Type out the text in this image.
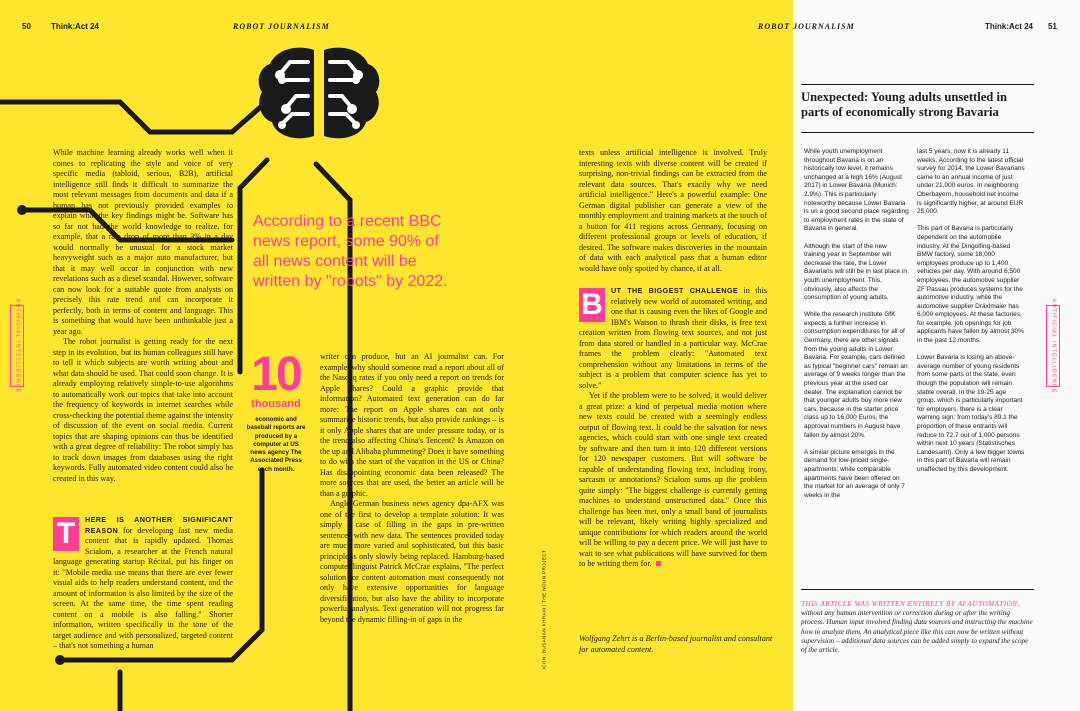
50	Think:Act 24	ROBOT JOURNALISM	ROBOT JOURNALISM	Think:Act 24 51
ARTIFICIAL INTELLIGENCE	ARTIFICIAL INTELLIGENCE

While machine learning already works well when it comes to replicating the style and voice of very specific media (tabloid, serious, B2B), artificial intelligence still finds it difficult to summarize the most relevant messages from documents and data if a human has not previously provided examples to explain what the key findings might be. Software has so far not had the world knowledge to realize, for example, that a rate drop of more than 3% in a day would normally be unusual for a stock market heavyweight such as a major auto manufacturer, but that it may well occur in conjunction with new revelations such as a diesel scandal. However, software can now look for a suitable quote from analysts on precisely this rate trend and can incorporate it perfectly, both in terms of content and language. This is something that would have been unthinkable just a year ago.

The robot journalist is getting ready for the next step in its evolution, but its human colleagues still have to tell it which subjects are worth writing about and what data should be used. That could soon change. It is already employing relatively simple-to-use algorithms to automatically work out topics that take into account the frequency of keywords in internet searches while cross-checking the potential theme against the intensity of discussion of the event on social media. Current topics that are shaping opinions can thus be identified with a great degree of reliability: The robot simply has to track down images from databases using the right keywords. Fully automated video content could also be created in this way.

T	HERE IS ANOTHER SIGNIFICANT REASON for developing fast new media content that is rapidly updated. Thomas Scialom, a researcher at the French natural language generating startup Récital, put his finger on it: "Mobile media use means that there are ever fewer visual aids to help readers understand content, and the amount of information is also limited by the size of the screen. At the same time, the time spent reading content on a mobile is also falling." Shorter information, written specifically in the tone of the target audience and with personalized, targeted content – that's not something a human

According to a recent BBC news report, some 90% of all news content will be written by "robots" by 2022.
10
thousand
economic and baseball reports are produced by a computer at US news agency The Associated Press each month.

writer can produce, but an AI journalist can. For example, why should someone read a report about all of the Nasdaq rates if you only need a report on trends for Apple shares? Could a graphic provide that information? Automated text generation can do far more: The report on Apple shares can not only summarize historic trends, but also provide rankings – is it only Apple shares that are under pressure today, or is the trend also affecting China's Tencent? Is Amazon on the up and Alibaba plummeting? Does it have something to do with the start of the vacation in the US or China? Has disappointing economic data been released? The more sources that are used, the better an article will be than a graphic.

Anglo-German business news agency dpa-AFX was one of the first to develop a template solution: It was simply a case of filling in the gaps in pre-written sentences with new data. The sentences provided today are much more varied and sophisticated, but this basic principle is only slowly being replaced. Hamburg-based computer linguist Patrick McCrae explains, "The perfect solution for content automation must consequently not only have extensive opportunities for language diversification, but also have the ability to incorporate powerful analysis. Text generation will not progress far beyond the dynamic filling-in of gaps in the	ICON: BUSANAN KHRAM / THE NOUN PROJECT

texts unless artificial intelligence is involved. Truly interesting texts with diverse content will be created if surprising, non-trivial findings can be extracted from the relevant data sources. That's exactly why we need artificial intelligence." Here's a powerful example: One German digital publisher can generate a view of the monthly employment and training markets at the touch of a button for 411 regions across Germany, focusing on different professional groups or levels of education, if desired. The software makes discoveries in the mountain of data with each analytical pass that a human editor would have only spotted by chance, if at all.

B	UT THE BIGGEST CHALLENGE in this relatively new world of automated writing, and one that is causing even the likes of Google and IBM's Watson to thrash their disks, is free text creation written from flowing text sources, and not just from data stored or handled in a particular way. McCrae frames the problem clearly: "Automated text comprehension without any limitations in terms of the subject is a problem that computer science has yet to solve."

Yet if the problem were to be solved, it would deliver a great prize: a kind of perpetual media motion where new texts could be created with a seemingly endless output of flowing text. It could be the salvation for news agencies, which could start with one single text created by software and then turn it into 120 different versions for 120 newspaper customers. But will software be capable of understanding flowing text, including irony, sarcasm or annotations? Scialom sums up the problem quite simply: "The biggest challenge is currently getting machines to understand unstructured data." Once this challenge has been met, only a small band of journalists will be relevant, likely writing highly specialized and unique contributions for which readers around the world will be willing to pay a decent price. We will just have to wait to see what publications will have survived for them to be writing them for.

Wolfgang Zehrt is a Berlin-based journalist and consultant for automated content.
Unexpected: Young adults unsettled in parts of economically strong Bavaria

While youth unemployment throughout Bavaria is on an historically low level, it remains unchanged at a high 16% (August 2017) in Lower Bavaria (Munich: 2.9%). This is particularly noteworthy because Lower Bavaria is on a good second place regarding to employment rates in the state of Bavaria in general.

Although the start of the new training year in September will decrease the rate, the Lower Bavarians will still be in last place in youth unemployment. This, obviously, also affects the consumption of young adults.

While the research institute GfK expects a further increase in consumption expenditures for all of Germany, there are other signals from the young adults in Lower Bavaria. For example, cars defined as typical "beginner cars" remain an average of 9 weeks longer than the previous year at the used car dealer. The explanation cannot be that younger adults buy more new cars, because in the starter price class up to 16,000 Euros, the approval numbers in August have fallen by almost 20%.

A similar picture emerges in the demand for low-priced single-apartments: while comparable apartments have been offered on the market for an average of only 7 weeks in the

last 5 years, now it is already 11 weeks. According to the latest official survey for 2014, the Lower Bavarians came to an annual income of just under 21,000 euros. In neighboring Oberbayern, household net income is significantly higher, at around EUR 25,000.

This part of Bavaria is particularly dependent on the automobile industry. At the Dingolfing-based BMW factory, some 18,000 employees produce up to 1,400 vehicles per day. With around 6,500 employees, the automotive supplier ZF Passau produces systems for the automotive industry, while the automotive supplier Dräxlmaier has 6,000 employees. At these factories, for example, job openings for job applicants have fallen by almost 30% in the past 12 months.

Lower Bavaria is losing an above-average number of young residents from some parts of the state, even though the population will remain stable overall. In the 19-25 age group, which is particularly important for employers, there is a clear warning sign: from today's 89.1 the proportion of these entrants will reduce to 72.7 out of 1,000 persons within next 10 years (Statistisches Landesamt). Only a few bigger towns in this part of Bavaria will remain unaffected by this development.

THIS ARTICLE WAS WRITTEN ENTIRELY BY AI AUTOMATION, without any human intervention or correction during or after the writing process. Human input involved finding data sources and instructing the machine how to analyze them. An analytical piece like this can now be written without supervision – additional data sources can be added simply to expand the scope of the article.
